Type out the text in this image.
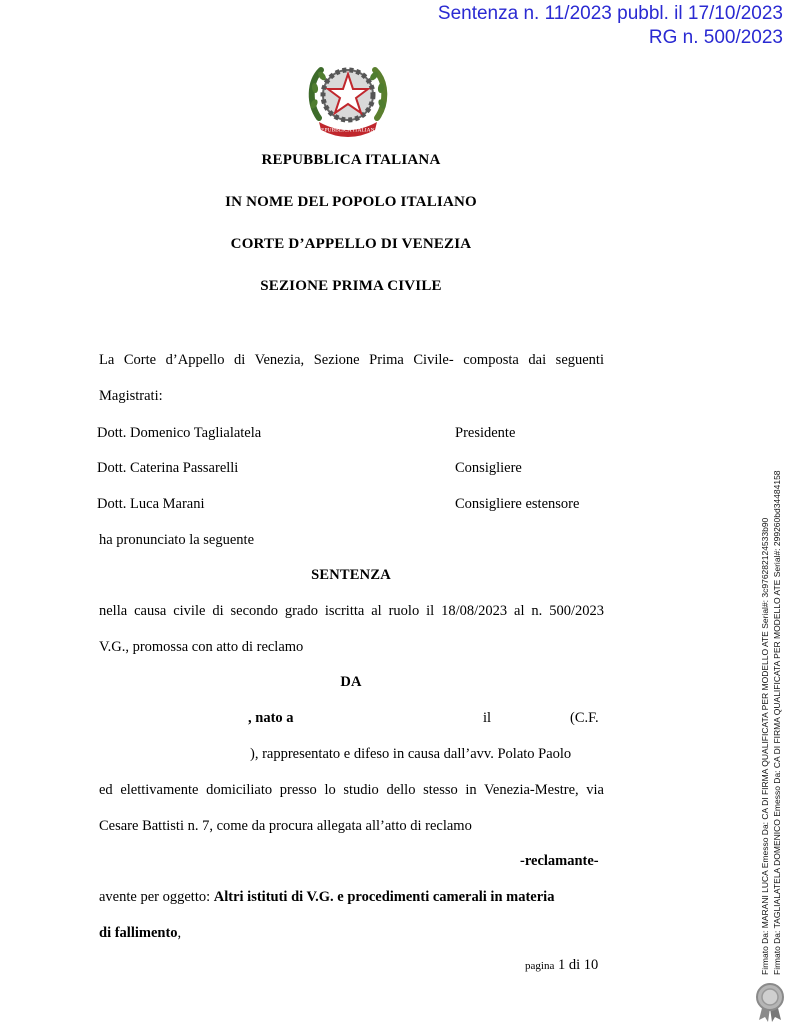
Sentenza n. 11/2023 pubbl. il 17/10/2023
RG n. 500/2023
REPUBBLICA ITALIANA
REPUBBLICA ITALIANA
IN NOME DEL POPOLO ITALIANO
CORTE D’APPELLO DI VENEZIA
SEZIONE PRIMA CIVILE
La Corte d’Appello di Venezia, Sezione Prima Civile- composta dai seguenti
Magistrati:
Dott. Domenico Taglialatela	Presidente
Dott. Caterina Passarelli	Consigliere
Dott. Luca Marani	Consigliere estensore
ha pronunciato la seguente
SENTENZA
nella causa civile di secondo grado iscritta al ruolo il 18/08/2023 al n. 500/2023
V.G., promossa con atto di reclamo
DA
, nato a	il	(C.F.
), rappresentato e difeso in causa dall’avv. Polato Paolo
ed elettivamente domiciliato presso lo studio dello stesso in Venezia-Mestre, via
Cesare Battisti n. 7, come da procura allegata all’atto di reclamo
-reclamante-
avente per oggetto: Altri istituti di V.G. e procedimenti camerali in materia
di fallimento,
pagina 1 di 10	Firmato Da: MARANI LUCA Emesso Da: CA DI FIRMA QUALIFICATA PER MODELLO ATE Serial#: 3c976282124533b90 Firmato Da: TAGLIALATELA DOMENICO Emesso Da: CA DI FIRMA QUALIFICATA PER MODELLO ATE Serial#: 299260bd34484158
